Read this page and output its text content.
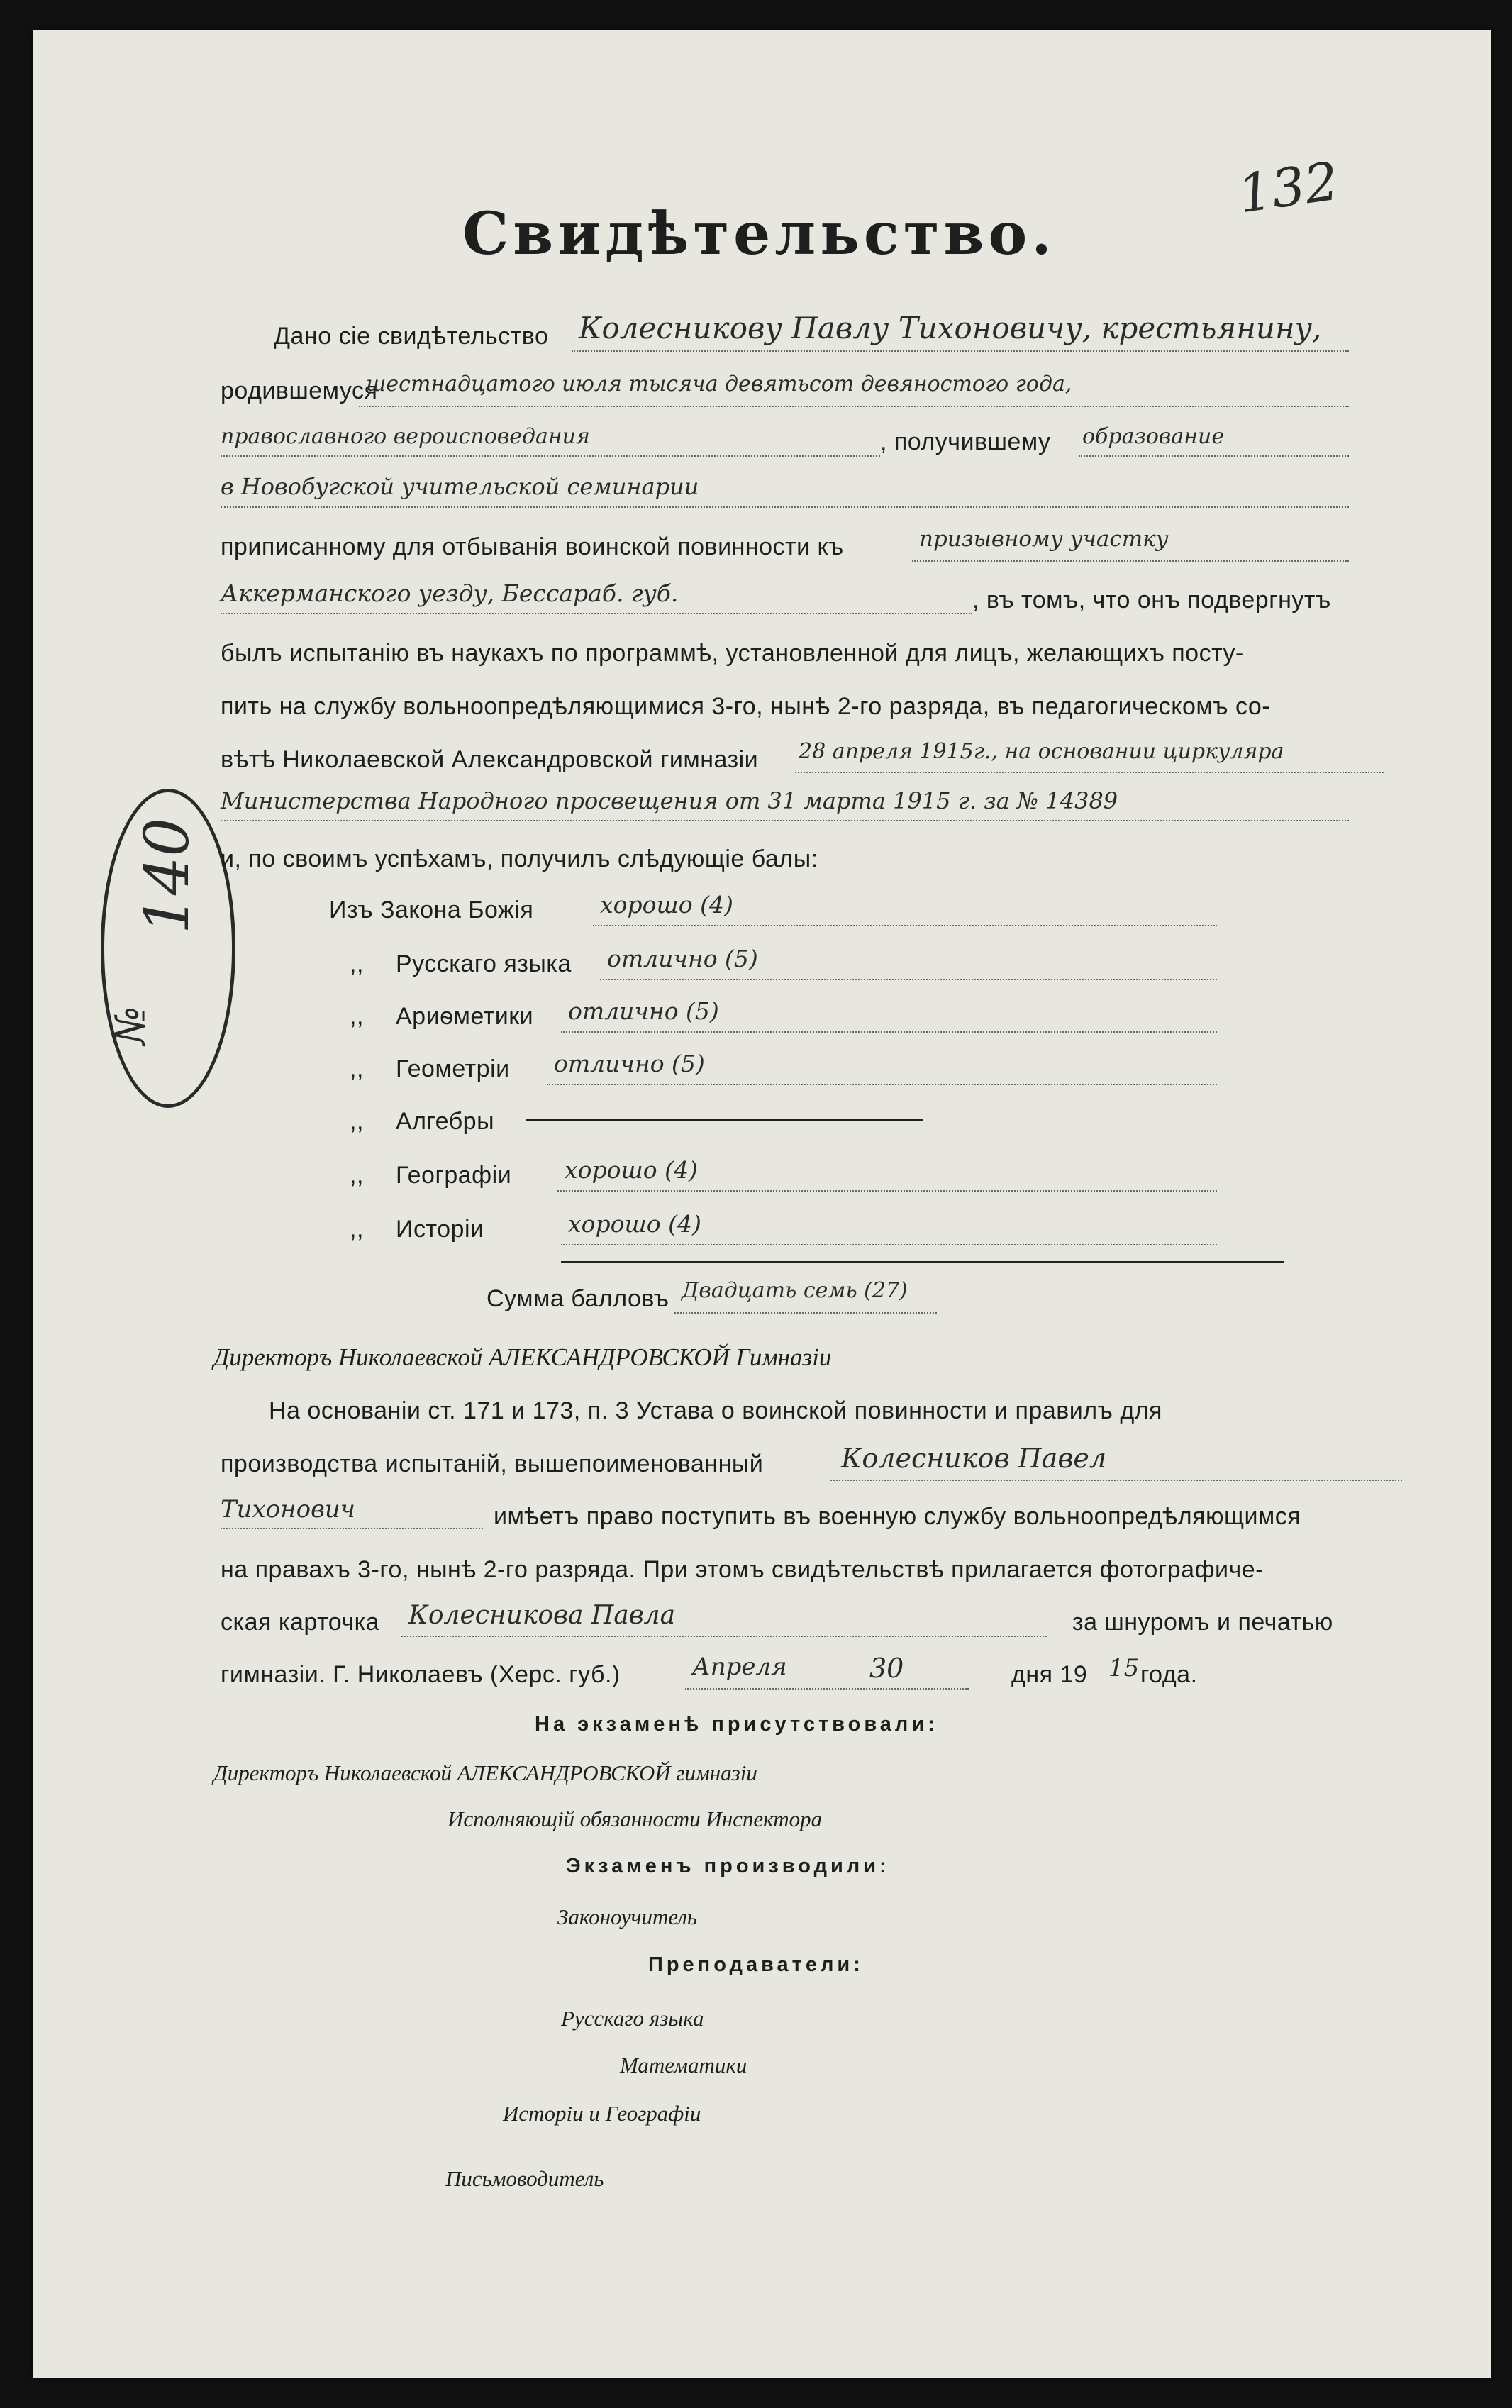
132
Свидѣтельство.
140
№
Дано сіе свидѣтельство Колесникову Павлу Тихоновичу, крестьянину,
родившемуся
шестнадцатого июля тысяча девятьсот девяностого года,
православного вероисповедания	, получившему образование
в Новобугской учительской семинарии
приписанному для отбыванія воинской повинности къ	призывному участку
Аккерманского уезду, Бессараб. губ.	, въ томъ, что онъ подвергнутъ
былъ испытанію въ наукахъ по программѣ, установленной для лицъ, желающихъ посту-
пить на службу вольноопредѣляющимися 3-го, нынѣ 2-го разряда, въ педагогическомъ со-
вѣтѣ Николаевской Александровской гимназіи 28 апреля 1915г., на основании циркуляра
Министерства Народного просвещения от 31 марта 1915 г. за № 14389
и, по своимъ успѣхамъ, получилъ слѣдующіе балы:
Изъ Закона Божія	хорошо (4)
,, Русскаго языка отлично (5)
,, Ариѳметики отлично (5)
,, Геометріи отлично (5)
,, Алгебры
,, Географіи хорошо (4)
,, Исторіи	хорошо (4)
Сумма балловъ Двадцать семь (27)
Директоръ Николаевской АЛЕКСАНДРОВСКОЙ Гимназіи
На основаніи ст. 171 и 173, п. 3 Устава о воинской повинности и правилъ для
производства испытаній, вышепоименованный	Колесников Павел
Тихонович	имѣетъ право поступить въ военную службу вольноопредѣляющимся
на правахъ 3-го, нынѣ 2-го разряда. При этомъ свидѣтельствѣ прилагается фотографиче-
ская карточка Колесникова Павла	за шнуромъ и печатью
гимназіи. Г. Николаевъ (Херс. губ.)	Апреля	30	дня 19 15 года.
На экзаменѣ присутствовали:
Директоръ Николаевской АЛЕКСАНДРОВСКОЙ гимназіи
Исполняющій обязанности Инспектора
Экзаменъ производили:
Законоучитель
Преподаватели:
Русскаго языка
Математики
Исторіи и Географіи
Письмоводитель
